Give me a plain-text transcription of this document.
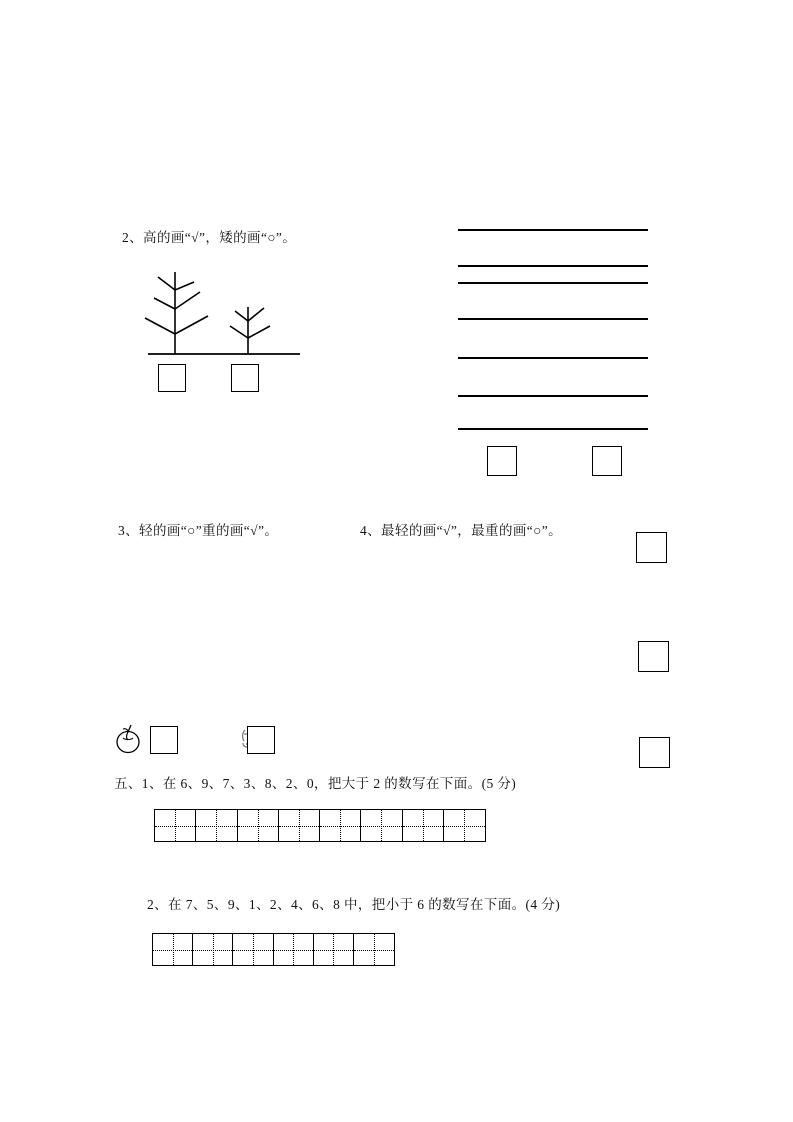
2、高的画“√”，矮的画“○”。
3、轻的画“○”重的画“√”。	4、最轻的画“√”，最重的画“○”。
五、1、在 6、9、7、3、8、2、0，把大于 2 的数写在下面。(5 分)
2、在 7、5、9、1、2、4、6、8 中，把小于 6 的数写在下面。(4 分)
